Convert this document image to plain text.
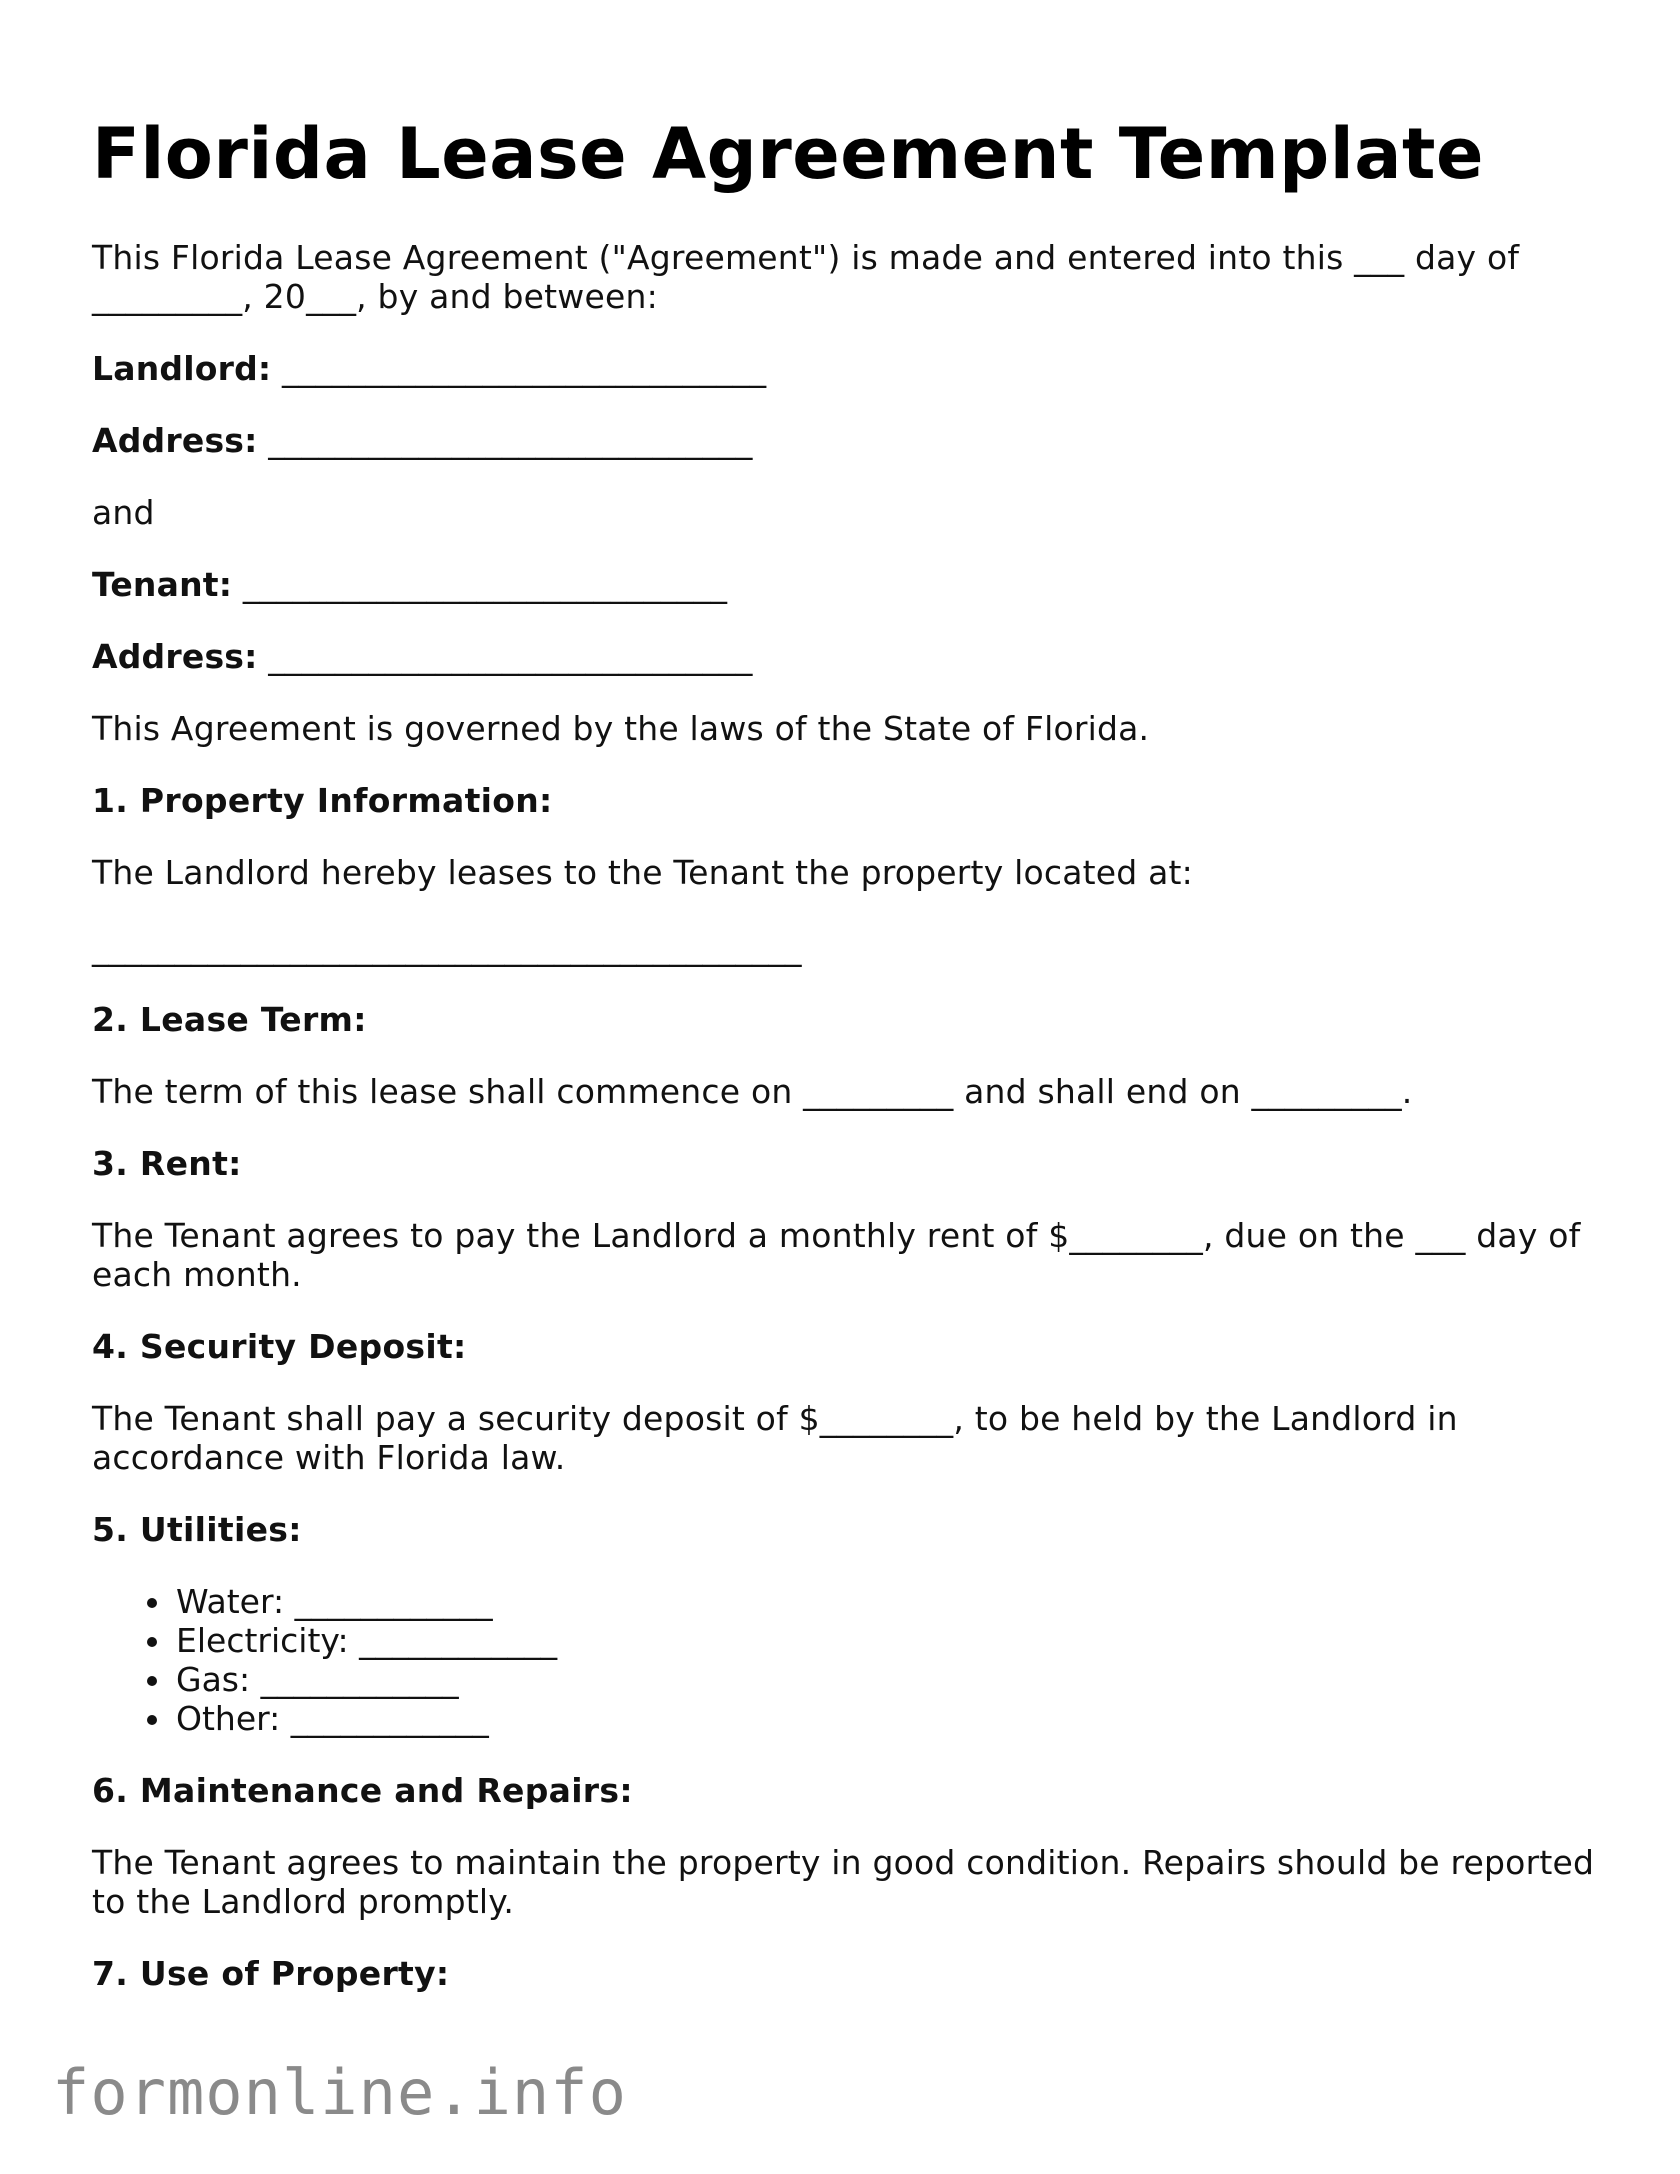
Florida Lease Agreement Template

This Florida Lease Agreement ("Agreement") is made and entered into this ___ day of _________, 20___, by and between:

Landlord: _____________________________
Address: _____________________________

and

Tenant: _____________________________
Address: _____________________________

This Agreement is governed by the laws of the State of Florida.

1. Property Information:

The Landlord hereby leases to the Tenant the property located at:

___________________________________________
2. Lease Term:

The term of this lease shall commence on _________ and shall end on _________.

3. Rent:

The Tenant agrees to pay the Landlord a monthly rent of $________, due on the ___ day of each month.

4. Security Deposit:

The Tenant shall pay a security deposit of $________, to be held by the Landlord in accordance with Florida law.

5. Utilities:
• Water: ____________
• Electricity: ____________
• Gas: ____________
• Other: ____________
6. Maintenance and Repairs:

The Tenant agrees to maintain the property in good condition. Repairs should be reported to the Landlord promptly.

7. Use of Property:
formonline.info
